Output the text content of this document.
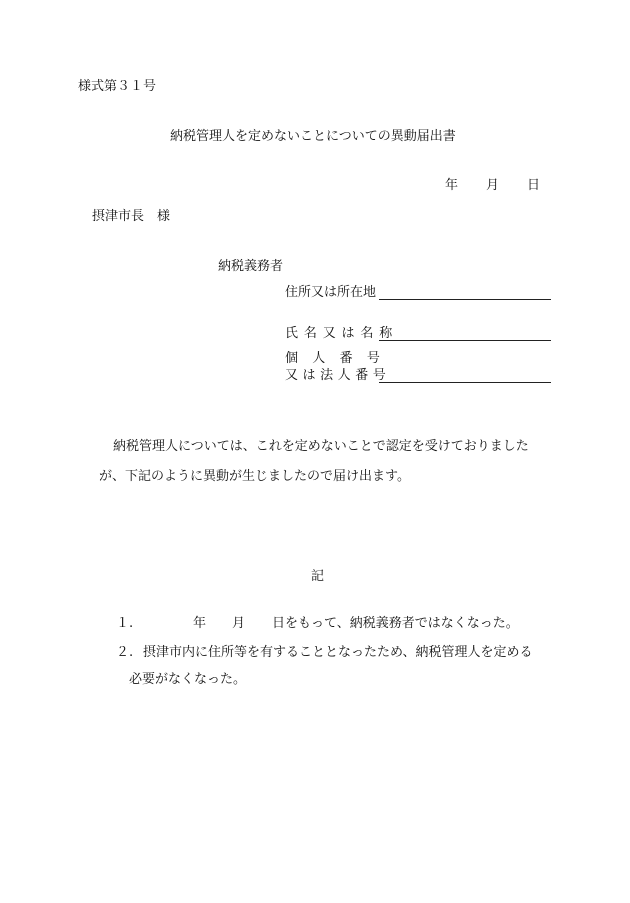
様式第３１号
納税管理人を定めないことについての異動届出書
年 月 日
摂津市長　様
納税義務者
住所又は所在地
氏名又は名称
個人番号
又は法人番号
納税管理人については、これを定めないことで認定を受けておりました
が、下記のように異動が生じましたので届け出ます。
記
１.	年 月 日をもって、納税義務者ではなくなった。
２. 摂津市内に住所等を有することとなったため、納税管理人を定める
必要がなくなった。
